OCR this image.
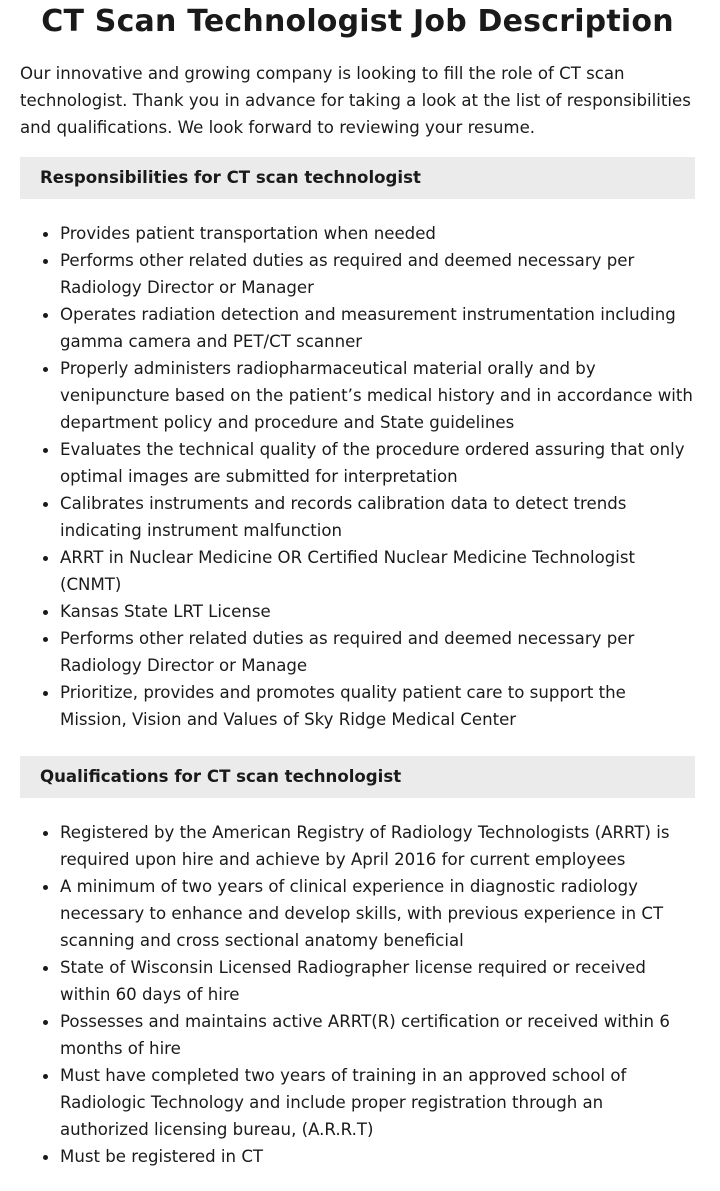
CT Scan Technologist Job Description

Our innovative and growing company is looking to fill the role of CT scan technologist. Thank you in advance for taking a look at the list of responsibilities and qualifications. We look forward to reviewing your resume.

Responsibilities for CT scan technologist
Provides patient transportation when needed
Performs other related duties as required and deemed necessary per Radiology Director or Manager
Operates radiation detection and measurement instrumentation including gamma camera and PET/CT scanner
Properly administers radiopharmaceutical material orally and by venipuncture based on the patient’s medical history and in accordance with department policy and procedure and State guidelines
Evaluates the technical quality of the procedure ordered assuring that only optimal images are submitted for interpretation
Calibrates instruments and records calibration data to detect trends indicating instrument malfunction
ARRT in Nuclear Medicine OR Certified Nuclear Medicine Technologist (CNMT)
Kansas State LRT License
Performs other related duties as required and deemed necessary per Radiology Director or Manage
Prioritize, provides and promotes quality patient care to support the Mission, Vision and Values of Sky Ridge Medical Center
Qualifications for CT scan technologist
Registered by the American Registry of Radiology Technologists (ARRT) is required upon hire and achieve by April 2016 for current employees
A minimum of two years of clinical experience in diagnostic radiology necessary to enhance and develop skills, with previous experience in CT scanning and cross sectional anatomy beneficial
State of Wisconsin Licensed Radiographer license required or received within 60 days of hire
Possesses and maintains active ARRT(R) certification or received within 6 months of hire
Must have completed two years of training in an approved school of Radiologic Technology and include proper registration through an authorized licensing bureau, (A.R.R.T)
Must be registered in CT
